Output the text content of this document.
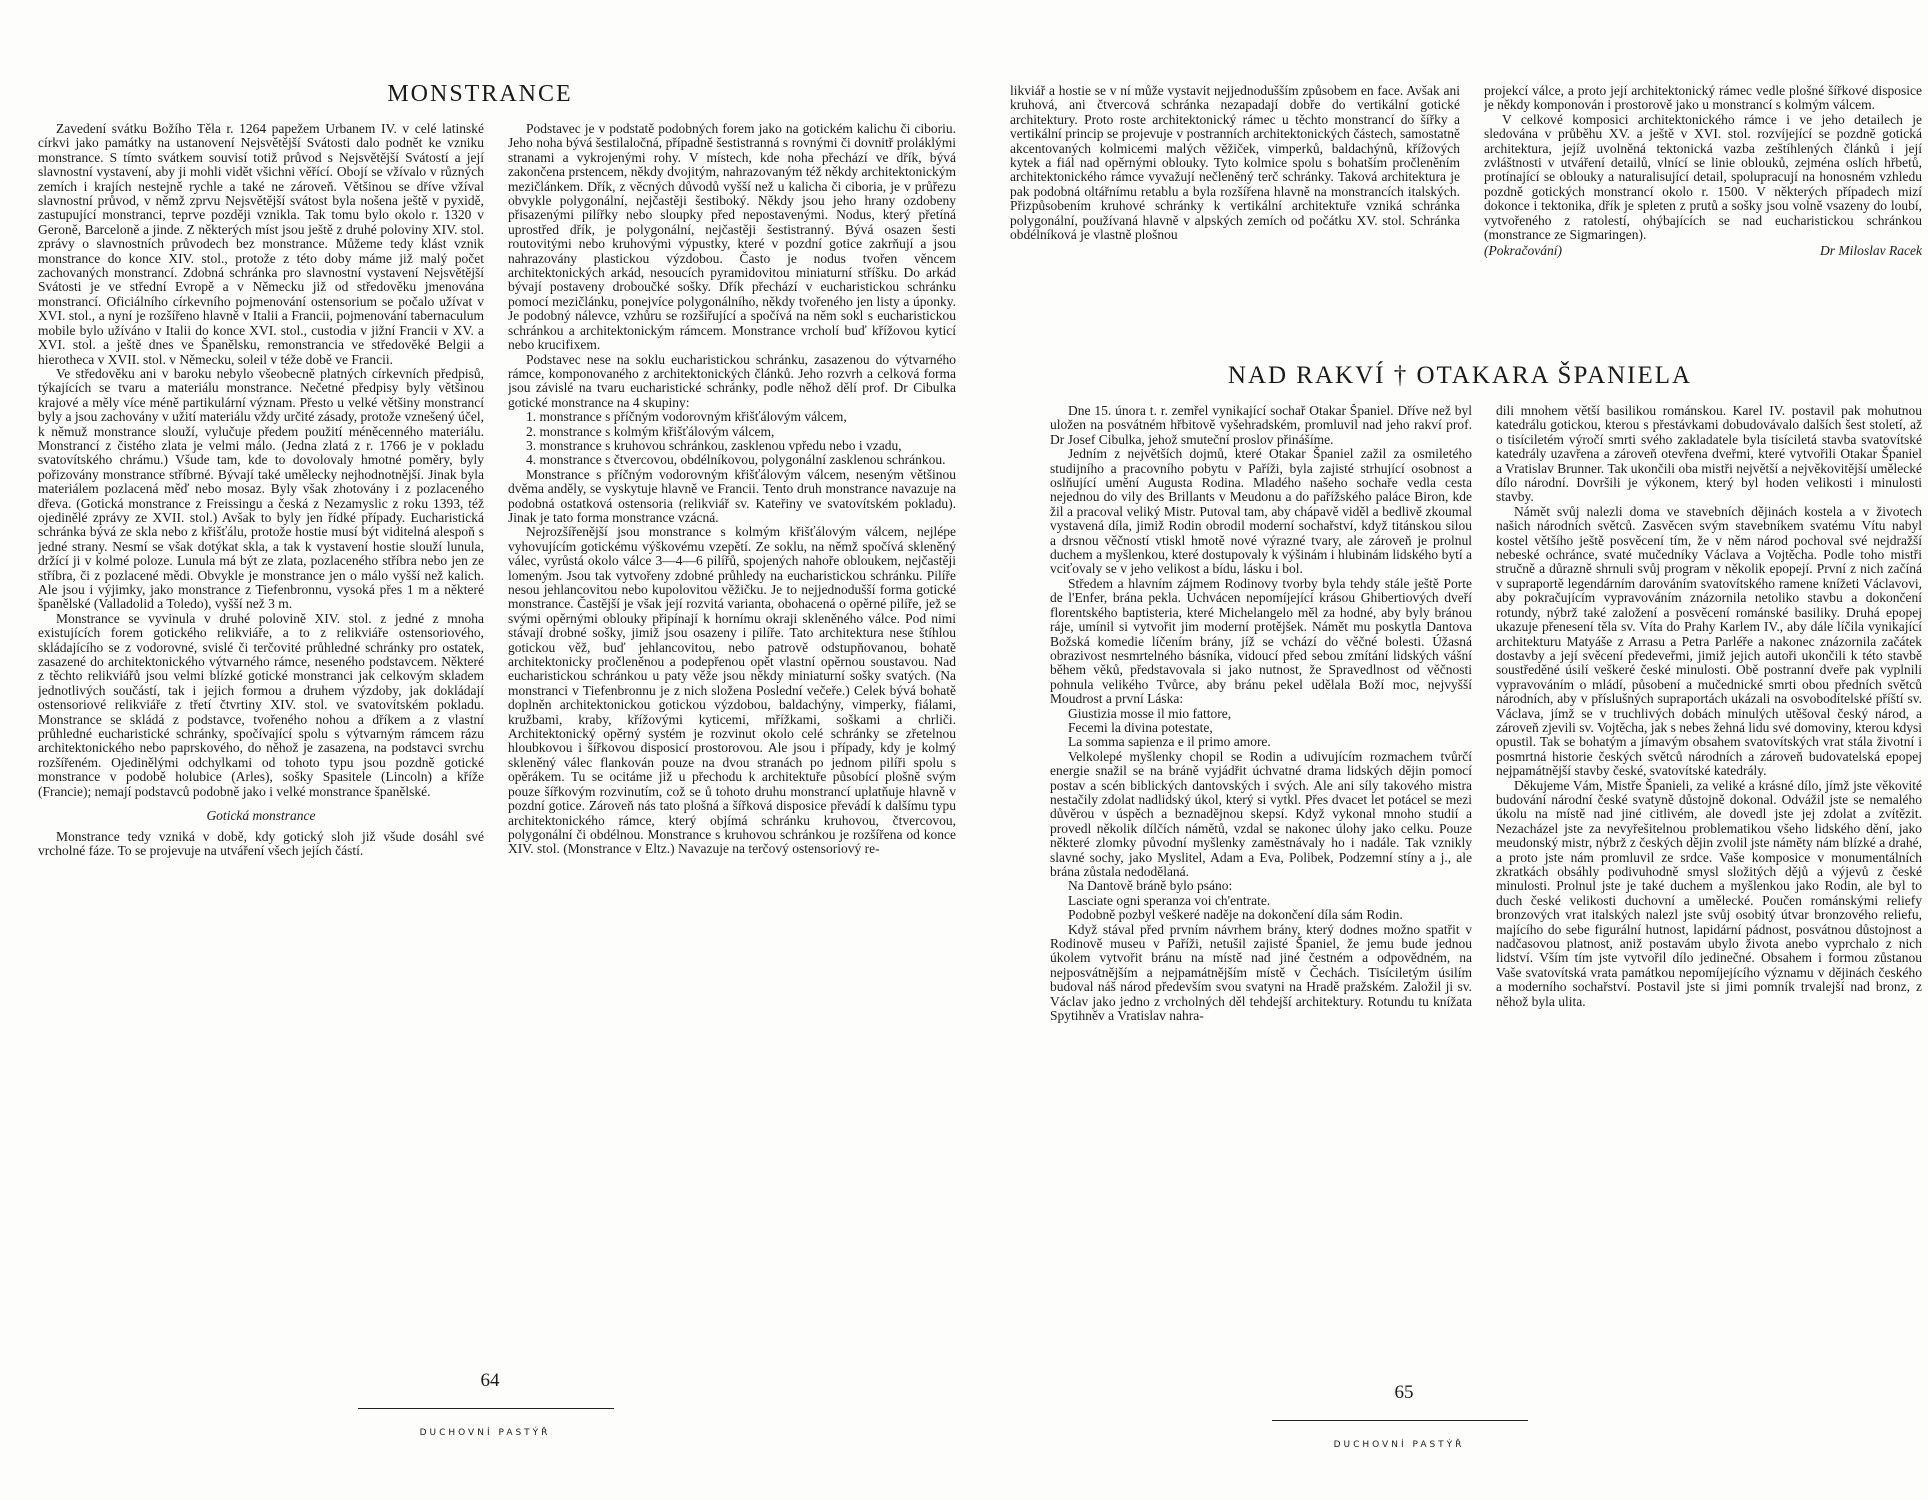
MONSTRANCE

Zavedení svátku Božího Těla r. 1264 papežem Urbanem IV. v celé latinské církvi jako památky na ustanovení Nejsvětější Svátosti dalo podnět ke vzniku monstrance. S tímto svátkem souvisí totiž průvod s Nejsvětější Svátostí a její slavnostní vystavení, aby ji mohli vidět všichni věřící. Obojí se vžívalo v různých zemích i krajích nestejně rychle a také ne zároveň. Většinou se dříve vžíval slavnostní průvod, v němž zprvu Nejsvětější svátost byla nošena ještě v pyxidě, zastupující monstranci, teprve později vznikla. Tak tomu bylo okolo r. 1320 v Geroně, Barceloně a jinde. Z některých míst jsou ještě z druhé poloviny XIV. stol. zprávy o slavnostních průvodech bez monstrance. Můžeme tedy klást vznik monstrance do konce XIV. stol., protože z této doby máme již malý počet zachovaných monstrancí. Zdobná schránka pro slavnostní vystavení Nejsvětější Svátosti je ve střední Evropě a v Německu již od středověku jmenována monstrancí. Oficiálního církevního pojmenování ostensorium se počalo užívat v XVI. stol., a nyní je rozšířeno hlavně v Italii a Francii, pojmenování tabernaculum mobile bylo užíváno v Italii do konce XVI. stol., custodia v jižní Francii v XV. a XVI. stol. a ještě dnes ve Španělsku, remonstrancia ve středověké Belgii a hierotheca v XVII. stol. v Německu, soleil v téže době ve Francii.

Ve středověku ani v baroku nebylo všeobecně platných církevních předpisů, týkajících se tvaru a materiálu monstrance. Nečetné předpisy byly většinou krajové a měly více méně partikulární význam. Přesto u velké většiny monstrancí byly a jsou zachovány v užití materiálu vždy určité zásady, protože vznešený účel, k němuž monstrance slouží, vylučuje předem použití méněcenného materiálu. Monstrancí z čistého zlata je velmi málo. (Jedna zlatá z r. 1766 je v pokladu svatovítského chrámu.) Všude tam, kde to dovolovaly hmotné poměry, byly pořizovány monstrance stříbrné. Bývají také umělecky nejhodnotnější. Jinak byla materiálem pozlacená měď nebo mosaz. Byly však zhotovány i z pozlaceného dřeva. (Gotická monstrance z Freissingu a česká z Nezamyslic z roku 1393, též ojedinělé zprávy ze XVII. stol.) Avšak to byly jen řídké případy. Eucharistická schránka bývá ze skla nebo z křišťálu, protože hostie musí být viditelná alespoň s jedné strany. Nesmí se však dotýkat skla, a tak k vystavení hostie slouží lunula, držící ji v kolmé poloze. Lunula má být ze zlata, pozlaceného stříbra nebo jen ze stříbra, či z pozlacené mědi. Obvykle je monstrance jen o málo vyšší než kalich. Ale jsou i výjimky, jako monstrance z Tiefenbronnu, vysoká přes 1 m a některé španělské (Valladolid a Toledo), vyšší než 3 m.

Monstrance se vyvinula v druhé polovině XIV. stol. z jedné z mnoha existujících forem gotického relikviáře, a to z relikviáře ostensoriového, skládajícího se z vodorovné, svislé či terčovité průhledné schránky pro ostatek, zasazené do architektonického výtvarného rámce, neseného podstavcem. Některé z těchto relikviářů jsou velmi blízké gotické monstranci jak celkovým skladem jednotlivých součástí, tak i jejich formou a druhem výzdoby, jak dokládají ostensoriové relikviáře z třetí čtvrtiny XIV. stol. ve svatovítském pokladu. Monstrance se skládá z podstavce, tvořeného nohou a dříkem a z vlastní průhledné eucharistické schránky, spočívající spolu s výtvarným rámcem rázu architektonického nebo paprskového, do něhož je zasazena, na podstavci svrchu rozšířeném. Ojedinělými odchylkami od tohoto typu jsou pozdně gotické monstrance v podobě holubice (Arles), sošky Spasitele (Lincoln) a kříže (Francie); nemají podstavců podobně jako i velké monstrance španělské.

Gotická monstrance

Monstrance tedy vzniká v době, kdy gotický sloh již všude dosáhl své vrcholné fáze. To se projevuje na utváření všech jejích částí.

Podstavec je v podstatě podobných forem jako na gotickém kalichu či ciboriu. Jeho noha bývá šestilaločná, případně šestistranná s rovnými či dovnitř proláklými stranami a vykrojenými rohy. V místech, kde noha přechází ve dřík, bývá zakončena prstencem, někdy dvojitým, nahrazovaným též někdy architektonickým mezičlánkem. Dřík, z věcných důvodů vyšší než u kalicha či ciboria, je v průřezu obvykle polygonální, nejčastěji šestiboký. Někdy jsou jeho hrany ozdobeny přisazenými pilířky nebo sloupky před nepostavenými. Nodus, který přetíná uprostřed dřík, je polygonální, nejčastěji šestistranný. Bývá osazen šesti routovitými nebo kruhovými výpustky, které v pozdní gotice zakrňují a jsou nahrazovány plastickou výzdobou. Často je nodus tvořen věncem architektonických arkád, nesoucích pyramidovitou miniaturní stříšku. Do arkád bývají postaveny droboučké sošky. Dřík přechází v eucharistickou schránku pomocí mezičlánku, ponejvíce polygonálního, někdy tvořeného jen listy a úponky. Je podobný nálevce, vzhůru se rozšiřující a spočívá na něm sokl s eucharistickou schránkou a architektonickým rámcem. Monstrance vrcholí buď křížovou kyticí nebo krucifixem.

Podstavec nese na soklu eucharistickou schránku, zasazenou do výtvarného rámce, komponovaného z architektonických článků. Jeho rozvrh a celková forma jsou závislé na tvaru eucharistické schránky, podle něhož dělí prof. Dr Cibulka gotické monstrance na 4 skupiny:

1. monstrance s příčným vodorovným křišťálovým válcem,

2. monstrance s kolmým křišťálovým válcem,

3. monstrance s kruhovou schránkou, zasklenou vpředu nebo i vzadu,

4. monstrance s čtvercovou, obdélníkovou, polygonální zasklenou schránkou.

Monstrance s příčným vodorovným křišťálovým válcem, neseným většinou dvěma anděly, se vyskytuje hlavně ve Francii. Tento druh monstrance navazuje na podobná ostatková ostensoria (relikviář sv. Kateřiny ve svatovítském pokladu). Jinak je tato forma monstrance vzácná.

Nejrozšířenější jsou monstrance s kolmým křišťálovým válcem, nejlépe vyhovujícím gotickému výškovému vzepětí. Ze soklu, na němž spočívá skleněný válec, vyrůstá okolo válce 3—4—6 pilířů, spojených nahoře obloukem, nejčastěji lomeným. Jsou tak vytvořeny zdobné průhledy na eucharistickou schránku. Pilíře nesou jehlancovitou nebo kupolovitou věžičku. Je to nejjednodušší forma gotické monstrance. Častější je však její rozvitá varianta, obohacená o opěrné pilíře, jež se svými opěrnými oblouky připínají k hornímu okraji skleněného válce. Pod nimi stávají drobné sošky, jimiž jsou osazeny i pilíře. Tato architektura nese štíhlou gotickou věž, buď jehlancovitou, nebo patrově odstupňovanou, bohatě architektonicky pročleněnou a podepřenou opět vlastní opěrnou soustavou. Nad eucharistickou schránkou u paty věže jsou někdy miniaturní sošky svatých. (Na monstranci v Tiefenbronnu je z nich složena Poslední večeře.) Celek bývá bohatě doplněn architektonickou gotickou výzdobou, baldachýny, vimperky, fiálami, kružbami, kraby, křížovými kyticemi, mřížkami, soškami a chrliči. Architektonický opěrný systém je rozvinut okolo celé schránky se zřetelnou hloubkovou i šířkovou disposicí prostorovou. Ale jsou i případy, kdy je kolmý skleněný válec flankován pouze na dvou stranách po jednom pilíři spolu s opěrákem. Tu se ocitáme již u přechodu k architektuře působící plošně svým pouze šířkovým rozvinutím, což se ů tohoto druhu monstrancí uplatňuje hlavně v pozdní gotice. Zároveň nás tato plošná a šířková disposice převádí k dalšímu typu architektonického rámce, který objímá schránku kruhovou, čtvercovou, polygonální či obdélnou. Monstrance s kruhovou schránkou je rozšířena od konce XIV. stol. (Monstrance v Eltz.) Navazuje na terčový ostensoriový re-

64

DUCHOVNÍ PASTÝŘ

likviář a hostie se v ní může vystavit nejjednodušším způsobem en face. Avšak ani kruhová, ani čtvercová schránka nezapadají dobře do vertikální gotické architektury. Proto roste architektonický rámec u těchto monstrancí do šířky a vertikální princip se projevuje v postranních architektonických částech, samostatně akcentovaných kolmicemi malých věžiček, vimperků, baldachýnů, křížových kytek a fiál nad opěrnými oblouky. Tyto kolmice spolu s bohatším pročleněním architektonického rámce vyvažují nečleněný terč schránky. Taková architektura je pak podobná oltářnímu retablu a byla rozšířena hlavně na monstrancích italských. Přizpůsobením kruhové schránky k vertikální architektuře vzniká schránka polygonální, používaná hlavně v alpských zemích od počátku XV. stol. Schránka obdélníková je vlastně plošnou

projekcí válce, a proto její architektonický rámec vedle plošné šířkové disposice je někdy komponován i prostorově jako u monstrancí s kolmým válcem.

V celkové komposici architektonického rámce i ve jeho detailech je sledována v průběhu XV. a ještě v XVI. stol. rozvíjející se pozdně gotická architektura, jejíž uvolněná tektonická vazba zeštíhlených článků i její zvláštnosti v utváření detailů, vlnící se linie oblouků, zejména oslích hřbetů, protínající se oblouky a naturalisující detail, spolupracují na honosném vzhledu pozdně gotických monstrancí okolo r. 1500. V některých případech mizí dokonce i tektonika, dřík je spleten z prutů a sošky jsou volně vsazeny do loubí, vytvořeného z ratolestí, ohýbajících se nad eucharistickou schránkou (monstrance ze Sigmaringen).

(Pokračování)	Dr Miloslav Racek
NAD RAKVÍ † OTAKARA ŠPANIELA

Dne 15. února t. r. zemřel vynikající sochař Otakar Španiel. Dříve než byl uložen na posvátném hřbitově vyšehradském, promluvil nad jeho rakví prof. Dr Josef Cibulka, jehož smuteční proslov přinášíme.

Jedním z největších dojmů, které Otakar Španiel zažil za osmiletého studijního a pracovního pobytu v Paříži, byla zajisté strhující osobnost a oslňující umění Augusta Rodina. Mladého našeho sochaře vedla cesta nejednou do vily des Brillants v Meudonu a do pařížského paláce Biron, kde žil a pracoval veliký Mistr. Putoval tam, aby chápavě viděl a bedlivě zkoumal vystavená díla, jimiž Rodin obrodil moderní sochařství, když titánskou silou a drsnou věčností vtiskl hmotě nové výrazné tvary, ale zároveň je prolnul duchem a myšlenkou, které dostupovaly k výšinám i hlubinám lidského bytí a vciťovaly se v jeho velikost a bídu, lásku i bol.

Středem a hlavním zájmem Rodinovy tvorby byla tehdy stále ještě Porte de l'Enfer, brána pekla. Uchvácen nepomíjející krásou Ghibertiových dveří florentského baptisteria, které Michelangelo měl za hodné, aby byly bránou ráje, umínil si vytvořit jim moderní protějšek. Námět mu poskytla Dantova Božská komedie líčením brány, jíž se vchází do věčné bolesti. Úžasná obrazivost nesmrtelného básníka, vidoucí před sebou zmítání lidských vášní během věků, představovala si jako nutnost, že Spravedlnost od věčnosti pohnula velikého Tvůrce, aby bránu pekel udělala Boží moc, nejvyšší Moudrost a první Láska:

Giustizia mosse il mio fattore,

Fecemi la divina potestate,

La somma sapienza e il primo amore.

Velkolepé myšlenky chopil se Rodin a udivujícím rozmachem tvůrčí energie snažil se na bráně vyjádřit úchvatné drama lidských dějin pomocí postav a scén biblických dantovských i svých. Ale ani síly takového mistra nestačily zdolat nadlidský úkol, který si vytkl. Přes dvacet let potácel se mezi důvěrou v úspěch a beznadějnou skepsí. Když vykonal mnoho studií a provedl několik dílčích námětů, vzdal se nakonec úlohy jako celku. Pouze některé zlomky původní myšlenky zaměstnávaly ho i nadále. Tak vznikly slavné sochy, jako Myslitel, Adam a Eva, Polibek, Podzemní stíny a j., ale brána zůstala nedodělaná.

Na Dantově bráně bylo psáno:

Lasciate ogni speranza voi ch'entrate.

Podobně pozbyl veškeré naděje na dokončení díla sám Rodin.

Když stával před prvním návrhem brány, který dodnes možno spatřit v Rodinově museu v Paříži, netušil zajisté Španiel, že jemu bude jednou úkolem vytvořit bránu na místě nad jiné čestném a odpovědném, na nejposvátnějším a nejpamátnějším místě v Čechách. Tisíciletým úsilím budoval náš národ především svou svatyni na Hradě pražském. Založil ji sv. Václav jako jedno z vrcholných děl tehdejší architektury. Rotundu tu knížata Spytihněv a Vratislav nahra-

dili mnohem větší basilikou románskou. Karel IV. postavil pak mohutnou katedrálu gotickou, kterou s přestávkami dobudovávalo dalších šest století, až o tisíciletém výročí smrti svého zakladatele byla tisíciletá stavba svatovítské katedrály uzavřena a zároveň otevřena dveřmi, které vytvořili Otakar Španiel a Vratislav Brunner. Tak ukončili oba mistři největší a nejvěkovitější umělecké dílo národní. Dovršili je výkonem, který byl hoden velikosti i minulosti stavby.

Námět svůj nalezli doma ve stavebních dějinách kostela a v životech našich národních světců. Zasvěcen svým stavebníkem svatému Vítu nabyl kostel většího ještě posvěcení tím, že v něm národ pochoval své nejdražší nebeské ochránce, svaté mučedníky Václava a Vojtěcha. Podle toho mistři stručně a důrazně shrnuli svůj program v několik epopejí. První z nich začíná v supraportě legendárním darováním svatovítského ramene knížeti Václavovi, aby pokračujícím vypravováním znázornila netoliko stavbu a dokončení rotundy, nýbrž také založení a posvěcení románské basiliky. Druhá epopej ukazuje přenesení těla sv. Víta do Prahy Karlem IV., aby dále líčila vynikající architekturu Matyáše z Arrasu a Petra Parléře a nakonec znázornila začátek dostavby a její svěcení předeveřmi, jimiž jejich autoři ukončili k této stavbě soustředěné úsilí veškeré české minulosti. Obě postranní dveře pak vyplnili vypravováním o mládí, působení a mučednické smrti obou předních světců národních, aby v příslušných supraportách ukázali na osvobodítelské příští sv. Václava, jímž se v truchlivých dobách minulých utěšoval český národ, a zároveň zjevili sv. Vojtěcha, jak s nebes žehná lidu své domoviny, kterou kdysi opustil. Tak se bohatým a jímavým obsahem svatovítských vrat stála životní i posmrtná historie českých světců národních a zároveň budovatelská epopej nejpamátnější stavby české, svatovítské katedrály.

Děkujeme Vám, Mistře Španieli, za veliké a krásné dílo, jímž jste věkovité budování národní české svatyně důstojně dokonal. Odvážil jste se nemalého úkolu na místě nad jiné citlivém, ale dovedl jste jej zdolat a zvítězit. Nezacházel jste za nevyřešitelnou problematikou všeho lidského dění, jako meudonský mistr, nýbrž z českých dějin zvolil jste náměty nám blízké a drahé, a proto jste nám promluvil ze srdce. Vaše komposice v monumentálních zkratkách obsáhly podivuhodně smysl složitých dějů a výjevů z české minulosti. Prolnul jste je také duchem a myšlenkou jako Rodin, ale byl to duch české velikosti duchovní a umělecké. Poučen románskými reliefy bronzových vrat italských nalezl jste svůj osobitý útvar bronzového reliefu, majícího do sebe figurální hutnost, lapidární pádnost, posvátnou důstojnost a nadčasovou platnost, aniž postavám ubylo života anebo vyprchalo z nich lidství. Vším tím jste vytvořil dílo jedinečné. Obsahem i formou zůstanou Vaše svatovítská vrata památkou nepomíjejícího významu v dějinách českého a moderního sochařství. Postavil jste si jimi pomník trvalejší nad bronz, z něhož byla ulita.

65

DUCHOVNÍ PASTÝŘ
